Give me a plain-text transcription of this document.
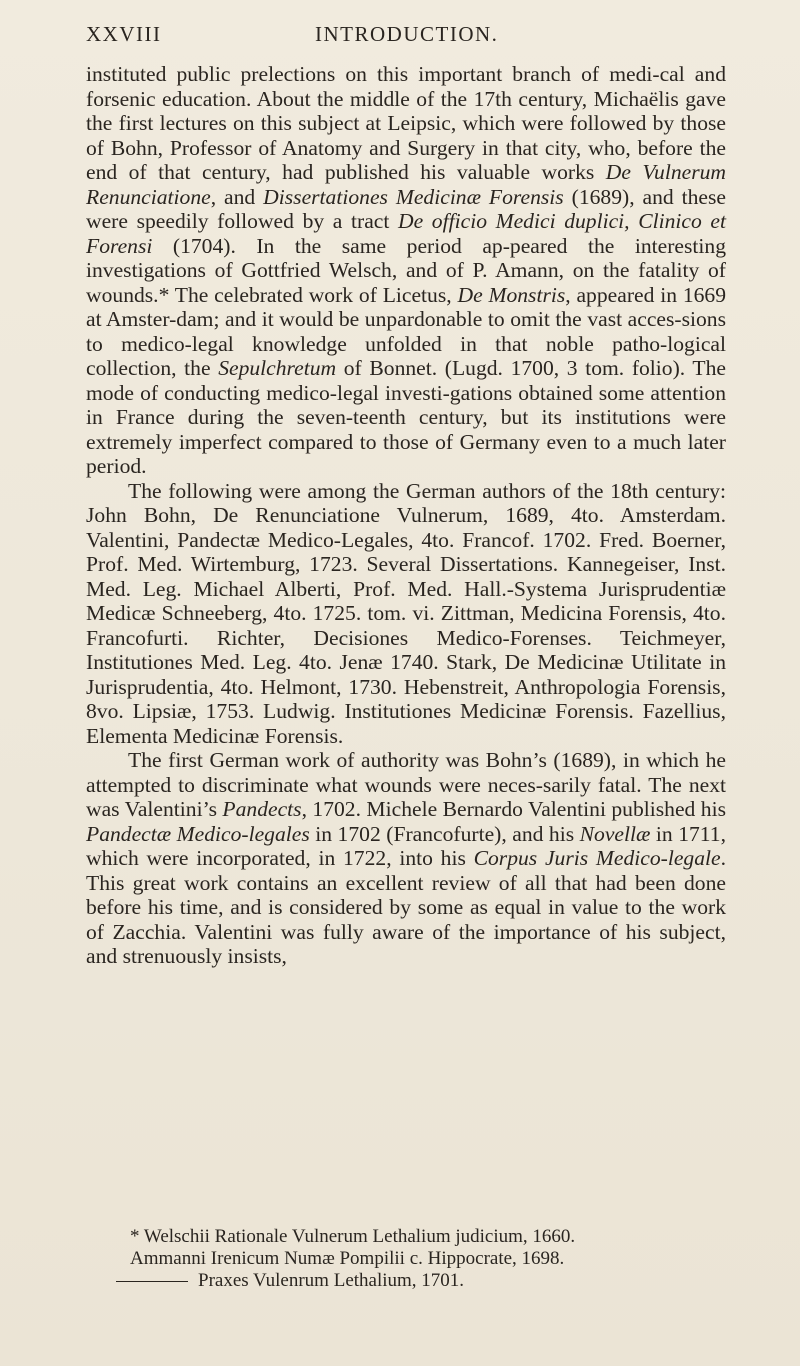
XXVIII	INTRODUCTION.

instituted public prelections on this important branch of medi-cal and forsenic education. About the middle of the 17th century, Michaëlis gave the first lectures on this subject at Leipsic, which were followed by those of Bohn, Professor of Anatomy and Surgery in that city, who, before the end of that century, had published his valuable works De Vulnerum Renunciatione, and Dissertationes Medicinæ Forensis (1689), and these were speedily followed by a tract De officio Medici duplici, Clinico et Forensi (1704). In the same period ap-peared the interesting investigations of Gottfried Welsch, and of P. Amann, on the fatality of wounds.* The celebrated work of Licetus, De Monstris, appeared in 1669 at Amster-dam; and it would be unpardonable to omit the vast acces-sions to medico-legal knowledge unfolded in that noble patho-logical collection, the Sepulchretum of Bonnet. (Lugd. 1700, 3 tom. folio). The mode of conducting medico-legal investi-gations obtained some attention in France during the seven-teenth century, but its institutions were extremely imperfect compared to those of Germany even to a much later period.

The following were among the German authors of the 18th century: John Bohn, De Renunciatione Vulnerum, 1689, 4to. Amsterdam. Valentini, Pandectæ Medico-Legales, 4to. Francof. 1702. Fred. Boerner, Prof. Med. Wirtemburg, 1723. Several Dissertations. Kannegeiser, Inst. Med. Leg. Michael Alberti, Prof. Med. Hall.-Systema Jurisprudentiæ Medicæ Schneeberg, 4to. 1725. tom. vi. Zittman, Medicina Forensis, 4to. Francofurti. Richter, Decisiones Medico-Forenses. Teichmeyer, Institutiones Med. Leg. 4to. Jenæ 1740. Stark, De Medicinæ Utilitate in Jurisprudentia, 4to. Helmont, 1730. Hebenstreit, Anthropologia Forensis, 8vo. Lipsiæ, 1753. Ludwig. Institutiones Medicinæ Forensis. Fazellius, Elementa Medicinæ Forensis.

The first German work of authority was Bohn’s (1689), in which he attempted to discriminate what wounds were neces-sarily fatal. The next was Valentini’s Pandects, 1702. Michele Bernardo Valentini published his Pandectæ Medico-legales in 1702 (Francofurte), and his Novellæ in 1711, which were incorporated, in 1722, into his Corpus Juris Medico-legale. This great work contains an excellent review of all that had been done before his time, and is considered by some as equal in value to the work of Zacchia. Valentini was fully aware of the importance of his subject, and strenuously insists,

* Welschii Rationale Vulnerum Lethalium judicium, 1660.

Ammanni Irenicum Numæ Pompilii c. Hippocrate, 1698.

Praxes Vulenrum Lethalium, 1701.
